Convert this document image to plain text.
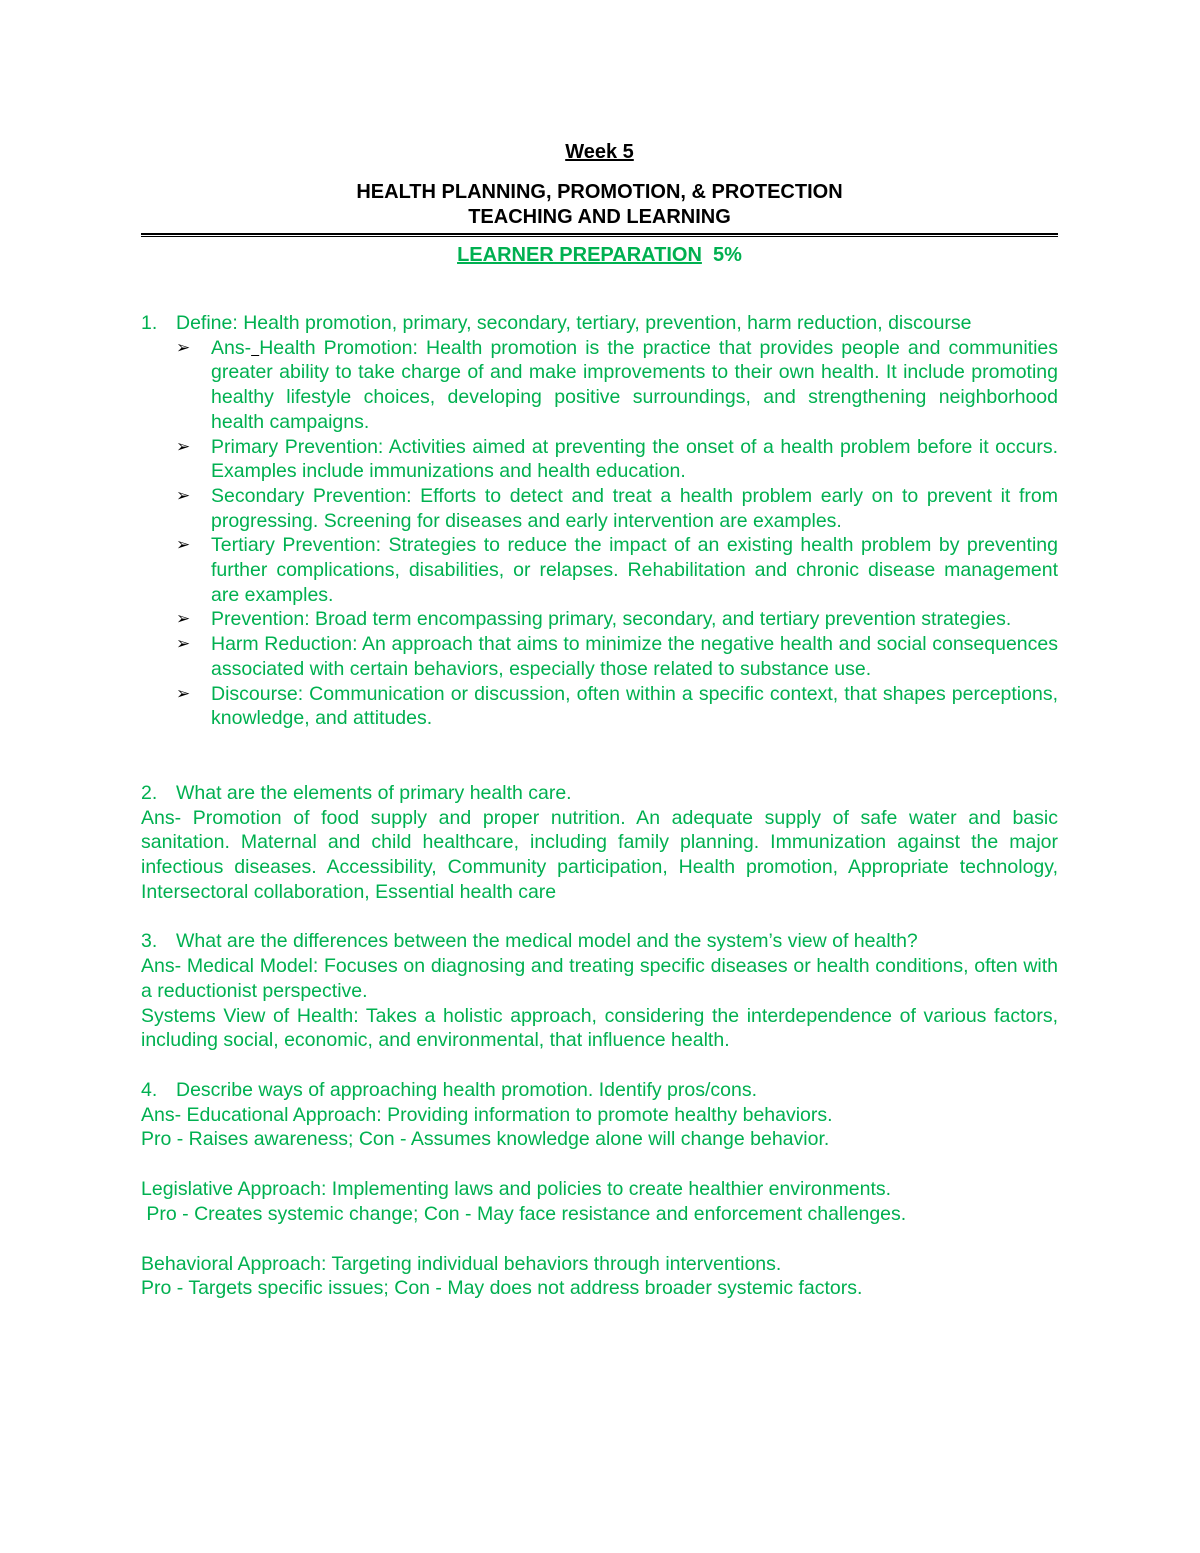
Week 5
HEALTH PLANNING, PROMOTION, & PROTECTION
TEACHING AND LEARNING
LEARNER PREPARATION 5%
1. Define: Health promotion, primary, secondary, tertiary, prevention, harm reduction, discourse
➢	Ans- Health Promotion: Health promotion is the practice that provides people and communities greater ability to take charge of and make improvements to their own health. It include promoting healthy lifestyle choices, developing positive surroundings, and strengthening neighborhood health campaigns.
➢	Primary Prevention: Activities aimed at preventing the onset of a health problem before it occurs. Examples include immunizations and health education.
➢	Secondary Prevention: Efforts to detect and treat a health problem early on to prevent it from progressing. Screening for diseases and early intervention are examples.
➢	Tertiary Prevention: Strategies to reduce the impact of an existing health problem by preventing further complications, disabilities, or relapses. Rehabilitation and chronic disease management are examples.
➢	Prevention: Broad term encompassing primary, secondary, and tertiary prevention strategies.
➢	Harm Reduction: An approach that aims to minimize the negative health and social consequences associated with certain behaviors, especially those related to substance use.
➢	Discourse: Communication or discussion, often within a specific context, that shapes perceptions, knowledge, and attitudes.
2. What are the elements of primary health care.
Ans- Promotion of food supply and proper nutrition. An adequate supply of safe water and basic sanitation. Maternal and child healthcare, including family planning. Immunization against the major infectious diseases. Accessibility, Community participation, Health promotion, Appropriate technology, Intersectoral collaboration, Essential health care
3. What are the differences between the medical model and the system’s view of health?
Ans- Medical Model: Focuses on diagnosing and treating specific diseases or health conditions, often with a reductionist perspective.
Systems View of Health: Takes a holistic approach, considering the interdependence of various factors, including social, economic, and environmental, that influence health.
4. Describe ways of approaching health promotion. Identify pros/cons.
Ans- Educational Approach: Providing information to promote healthy behaviors.
Pro - Raises awareness; Con - Assumes knowledge alone will change behavior.
Legislative Approach: Implementing laws and policies to create healthier environments.
Pro - Creates systemic change; Con - May face resistance and enforcement challenges.
Behavioral Approach: Targeting individual behaviors through interventions.
Pro - Targets specific issues; Con - May does not address broader systemic factors.
